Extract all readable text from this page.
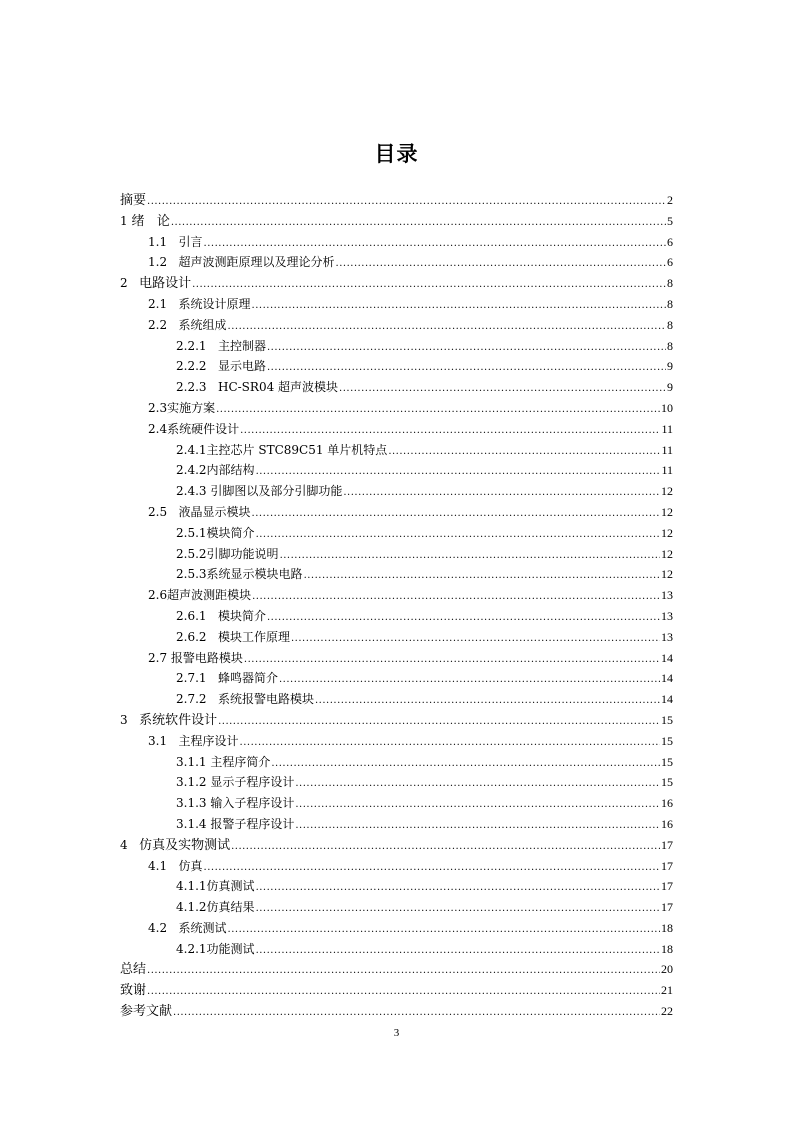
目录
摘要 .....	2
1 绪   论 .....	5
1.1 引言 .....	6
1.2 超声波测距原理以及理论分析 .....	6
2 电路设计 .....	8
2.1 系统设计原理 .....	8
2.2 系统组成 .....	8
2.2.1 主控制器 .....	8
2.2.2 显示电路 .....	9
2.2.3 HC-SR04 超声波模块 .....	9
2.3 实施方案 .....	10
2.4 系统硬件设计 .....	11
2.4.1 主控芯片 STC89C51 单片机特点 .....	11
2.4.2 内部结构 .....	11
2.4.3 引脚图以及部分引脚功能 .....	12
2.5 液晶显示模块 .....	12
2.5.1 模块简介 .....	12
2.5.2 引脚功能说明 .....	12
2.5.3 系统显示模块电路 .....	12
2.6 超声波测距模块 .....	13
2.6.1 模块简介 .....	13
2.6.2 模块工作原理 .....	13
2.7 报警电路模块 .....	14
2.7.1 蜂鸣器简介 .....	14
2.7.2 系统报警电路模块 .....	14
3 系统软件设计 .....	15
3.1 主程序设计 .....	15
3.1.1 主程序简介 .....	15
3.1.2 显示子程序设计 .....	15
3.1.3 输入子程序设计 .....	16
3.1.4 报警子程序设计 .....	16
4 仿真及实物测试 .....	17
4.1 仿真 .....	17
4.1.1 仿真测试 .....	17
4.1.2 仿真结果 .....	17
4.2 系统测试 .....	18
4.2.1 功能测试 .....	18
总结 .....	20
致谢 .....	21
参考文献 .....	22
3
